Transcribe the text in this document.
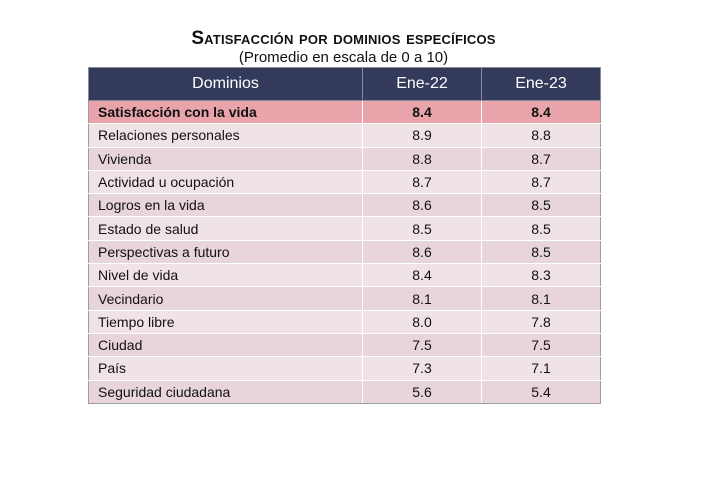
Satisfacción por dominios específicos
(Promedio en escala de 0 a 10)
Dominios	Ene-22	Ene-23
Satisfacción con la vida	8.4	8.4
Relaciones personales	8.9	8.8
Vivienda	8.8	8.7
Actividad u ocupación	8.7	8.7
Logros en la vida	8.6	8.5
Estado de salud	8.5	8.5
Perspectivas a futuro	8.6	8.5
Nivel de vida	8.4	8.3
Vecindario	8.1	8.1
Tiempo libre	8.0	7.8
Ciudad	7.5	7.5
País	7.3	7.1
Seguridad ciudadana	5.6	5.4
